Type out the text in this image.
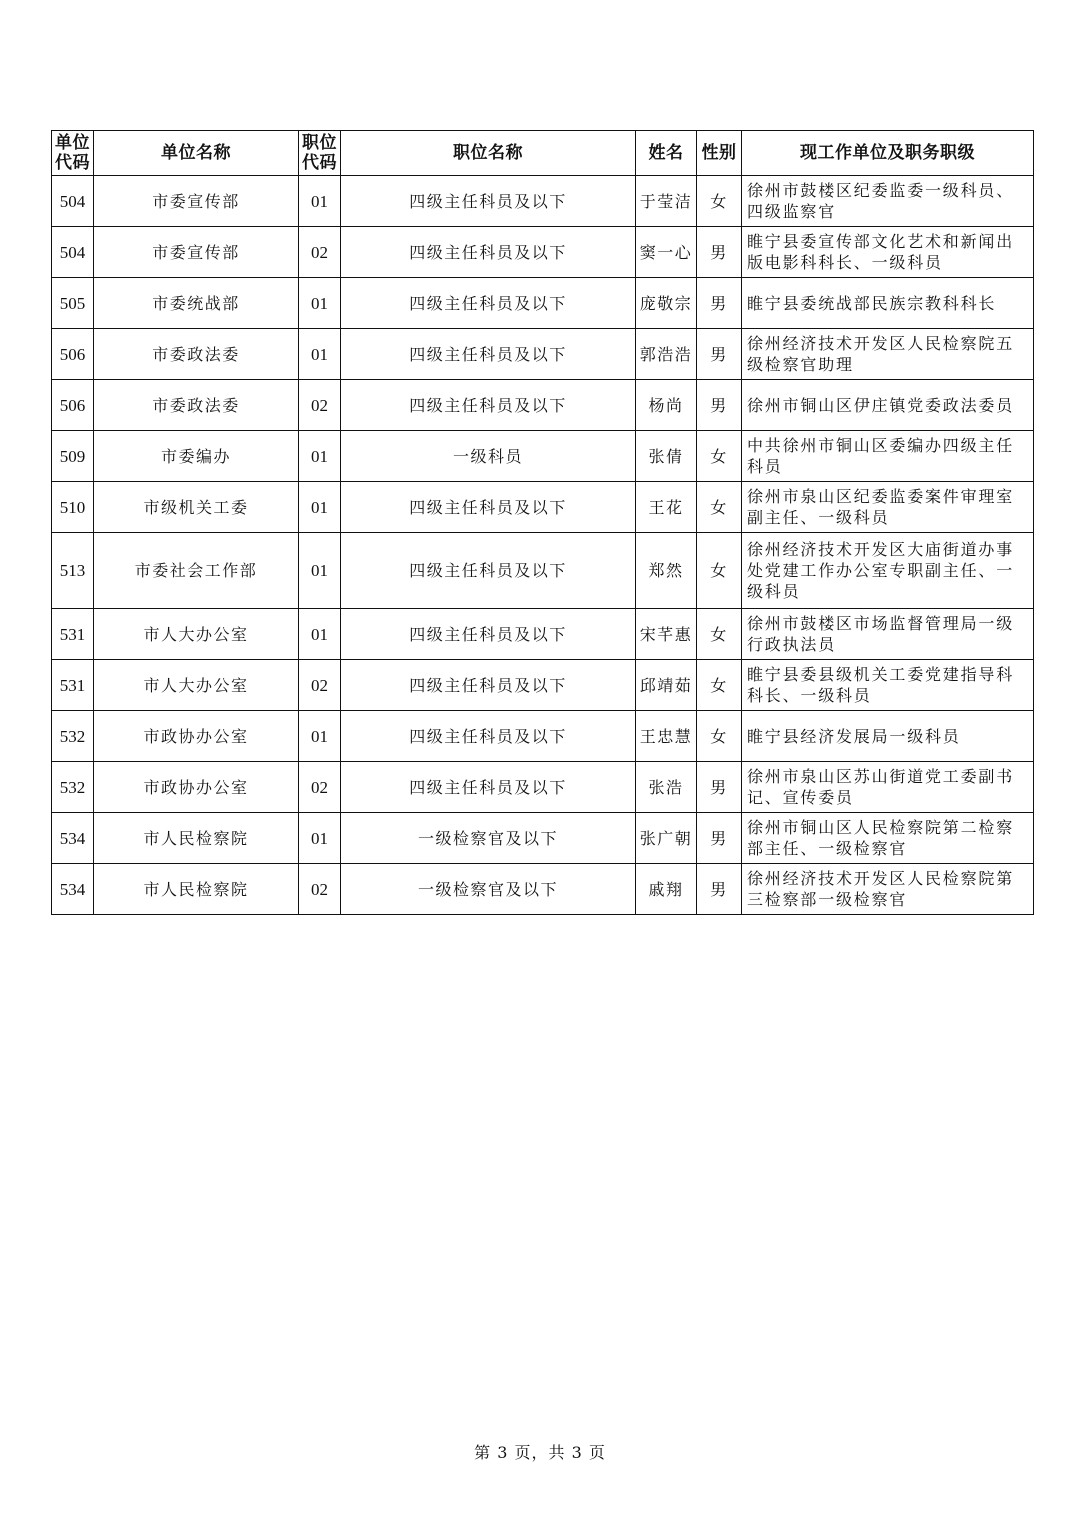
单位代码	单位名称	职位代码	职位名称	姓名	性别	现工作单位及职务职级
504	市委宣传部	01	四级主任科员及以下	于莹洁	女	徐州市鼓楼区纪委监委一级科员、四级监察官
504	市委宣传部	02	四级主任科员及以下	窦一心	男	睢宁县委宣传部文化艺术和新闻出版电影科科长、一级科员
505	市委统战部	01	四级主任科员及以下	庞敬宗	男	睢宁县委统战部民族宗教科科长
506	市委政法委	01	四级主任科员及以下	郭浩浩	男	徐州经济技术开发区人民检察院五级检察官助理
506	市委政法委	02	四级主任科员及以下	杨尚	男	徐州市铜山区伊庄镇党委政法委员
509	市委编办	01	一级科员	张倩	女	中共徐州市铜山区委编办四级主任科员
510	市级机关工委	01	四级主任科员及以下	王花	女	徐州市泉山区纪委监委案件审理室副主任、一级科员
513	市委社会工作部	01	四级主任科员及以下	郑然	女	徐州经济技术开发区大庙街道办事处党建工作办公室专职副主任、一级科员
531	市人大办公室	01	四级主任科员及以下	宋芊惠	女	徐州市鼓楼区市场监督管理局一级行政执法员
531	市人大办公室	02	四级主任科员及以下	邱靖茹	女	睢宁县委县级机关工委党建指导科科长、一级科员
532	市政协办公室	01	四级主任科员及以下	王忠慧	女	睢宁县经济发展局一级科员
532	市政协办公室	02	四级主任科员及以下	张浩	男	徐州市泉山区苏山街道党工委副书记、宣传委员
534	市人民检察院	01	一级检察官及以下	张广朝	男	徐州市铜山区人民检察院第二检察部主任、一级检察官
534	市人民检察院	02	一级检察官及以下	戚翔	男	徐州经济技术开发区人民检察院第三检察部一级检察官
第 3 页，共 3 页
